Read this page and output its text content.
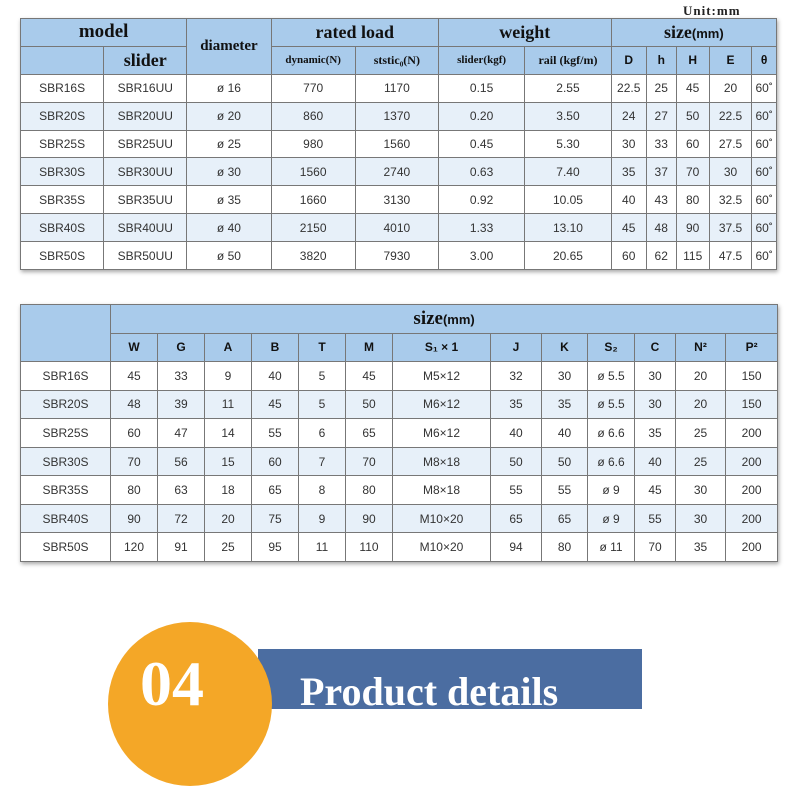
Unit:mm
model		diameter	rated load		weight		size(mm)				
	slider		dynamic(N)	ststic₀(N)	slider(kgf)	rail (kgf/m)	D	h	H	E	θ
SBR16S	SBR16UU	ø 16	770	1170	0.15	2.55	22.5	25	45	20	60˚
SBR20S	SBR20UU	ø 20	860	1370	0.20	3.50	24	27	50	22.5	60˚
SBR25S	SBR25UU	ø 25	980	1560	0.45	5.30	30	33	60	27.5	60˚
SBR30S	SBR30UU	ø 30	1560	2740	0.63	7.40	35	37	70	30	60˚
SBR35S	SBR35UU	ø 35	1660	3130	0.92	10.05	40	43	80	32.5	60˚
SBR40S	SBR40UU	ø 40	2150	4010	1.33	13.10	45	48	90	37.5	60˚
SBR50S	SBR50UU	ø 50	3820	7930	3.00	20.65	60	62	115	47.5	60˚
	size(mm)												
	W	G	A	B	T	M	S₁ × 1	J	K	S₂	C	N²	P²
SBR16S	45	33	9	40	5	45	M5×12	32	30	ø 5.5	30	20	150
SBR20S	48	39	11	45	5	50	M6×12	35	35	ø 5.5	30	20	150
SBR25S	60	47	14	55	6	65	M6×12	40	40	ø 6.6	35	25	200
SBR30S	70	56	15	60	7	70	M8×18	50	50	ø 6.6	40	25	200
SBR35S	80	63	18	65	8	80	M8×18	55	55	ø 9	45	30	200
SBR40S	90	72	20	75	9	90	M10×20	65	65	ø 9	55	30	200
SBR50S	120	91	25	95	11	110	M10×20	94	80	ø 11	70	35	200
04 Product details
